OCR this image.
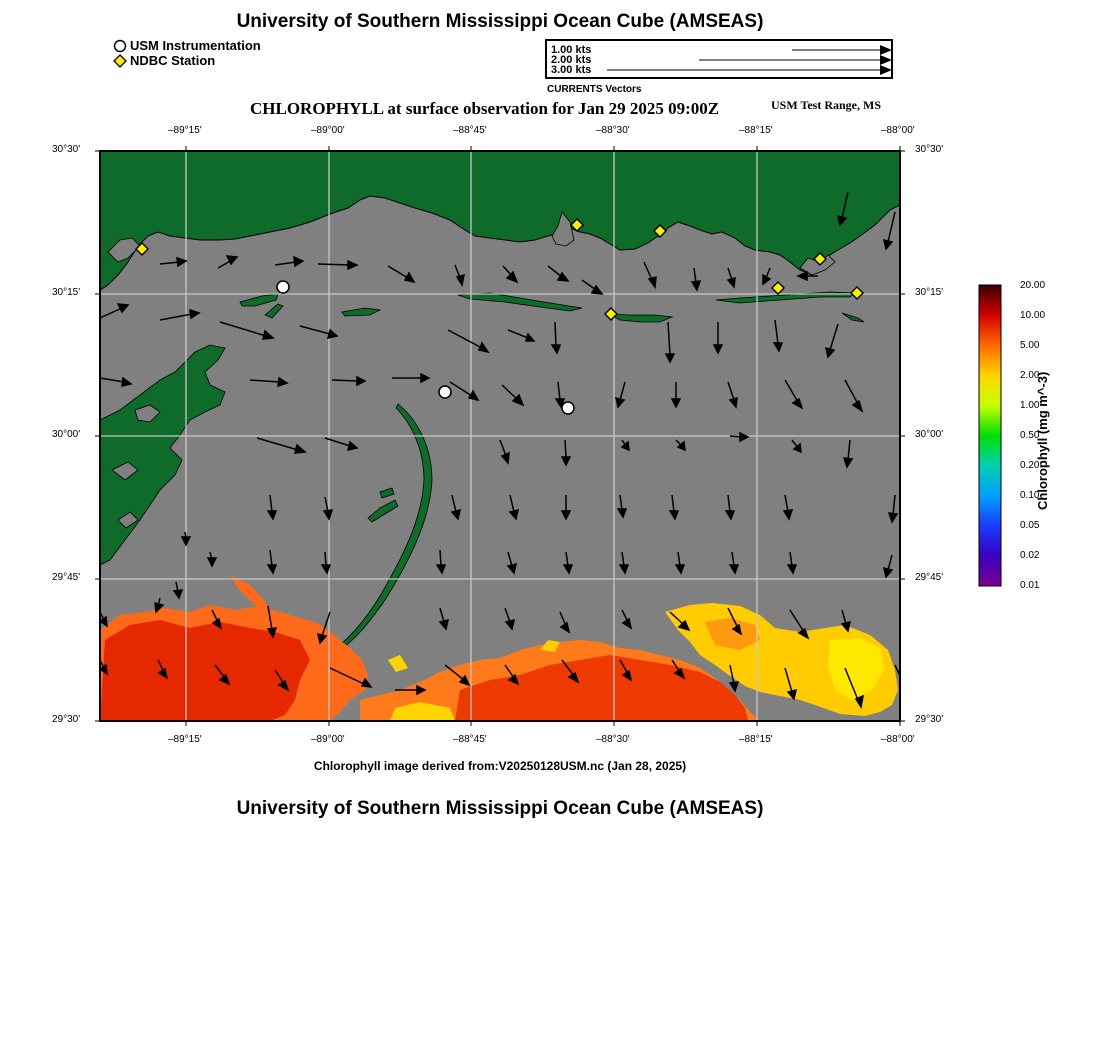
University of Southern Mississippi Ocean Cube (AMSEAS)
USM Instrumentation
NDBC Station
1.00 kts
2.00 kts
3.00 kts
CURRENTS Vectors
CHLOROPHYLL at surface observation for Jan 29 2025 09:00Z	USM Test Range, MS
–89°15'	–89°00'	–88°45'	–88°30'	–88°15'	–88°00'
–89°15'	–89°00'	–88°45'	–88°30'	–88°15'	–88°00'
30°30'
30°15'
30°00'
29°45'
29°30'
30°30'
30°15'
30°00'
29°45'
29°30'
20.00
10.00
5.00
2.00
1.00
0.50
0.20
0.10
0.05
0.02
0.01
Chlorophyll (mg m^-3)
Chlorophyll image derived from:V20250128USM.nc (Jan 28, 2025)
University of Southern Mississippi Ocean Cube (AMSEAS)
